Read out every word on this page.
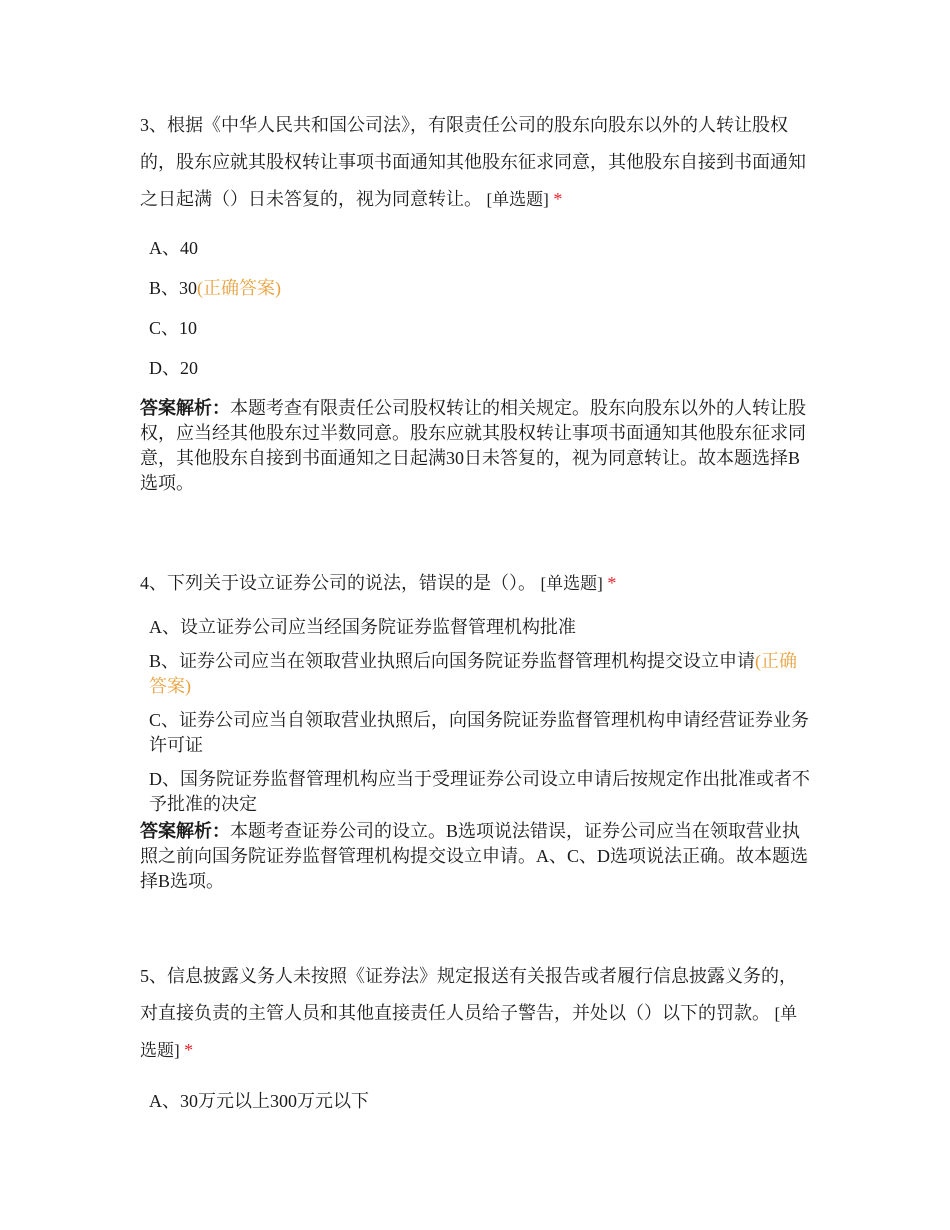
3、根据《中华人民共和国公司法》，有限责任公司的股东向股东以外的人转让股权的，股东应就其股权转让事项书面通知其他股东征求同意，其他股东自接到书面通知之日起满（）日未答复的，视为同意转让。 [单选题] *

A、40
B、30(正确答案)
C、10
D、20

答案解析：本题考查有限责任公司股权转让的相关规定。股东向股东以外的人转让股权，应当经其他股东过半数同意。股东应就其股权转让事项书面通知其他股东征求同意，其他股东自接到书面通知之日起满30日未答复的，视为同意转让。故本题选择B选项。

4、下列关于设立证券公司的说法，错误的是（）。 [单选题] *

A、设立证券公司应当经国务院证券监督管理机构批准
B、证券公司应当在领取营业执照后向国务院证券监督管理机构提交设立申请(正确答案)
C、证券公司应当自领取营业执照后，向国务院证券监督管理机构申请经营证券业务许可证
D、国务院证券监督管理机构应当于受理证券公司设立申请后按规定作出批准或者不予批准的决定

答案解析：本题考查证券公司的设立。B选项说法错误，证券公司应当在领取营业执照之前向国务院证券监督管理机构提交设立申请。A、C、D选项说法正确。故本题选择B选项。

5、信息披露义务人未按照《证券法》规定报送有关报告或者履行信息披露义务的，对直接负责的主管人员和其他直接责任人员给子警告，并处以（）以下的罚款。 [单选题] *

A、30万元以上300万元以下
